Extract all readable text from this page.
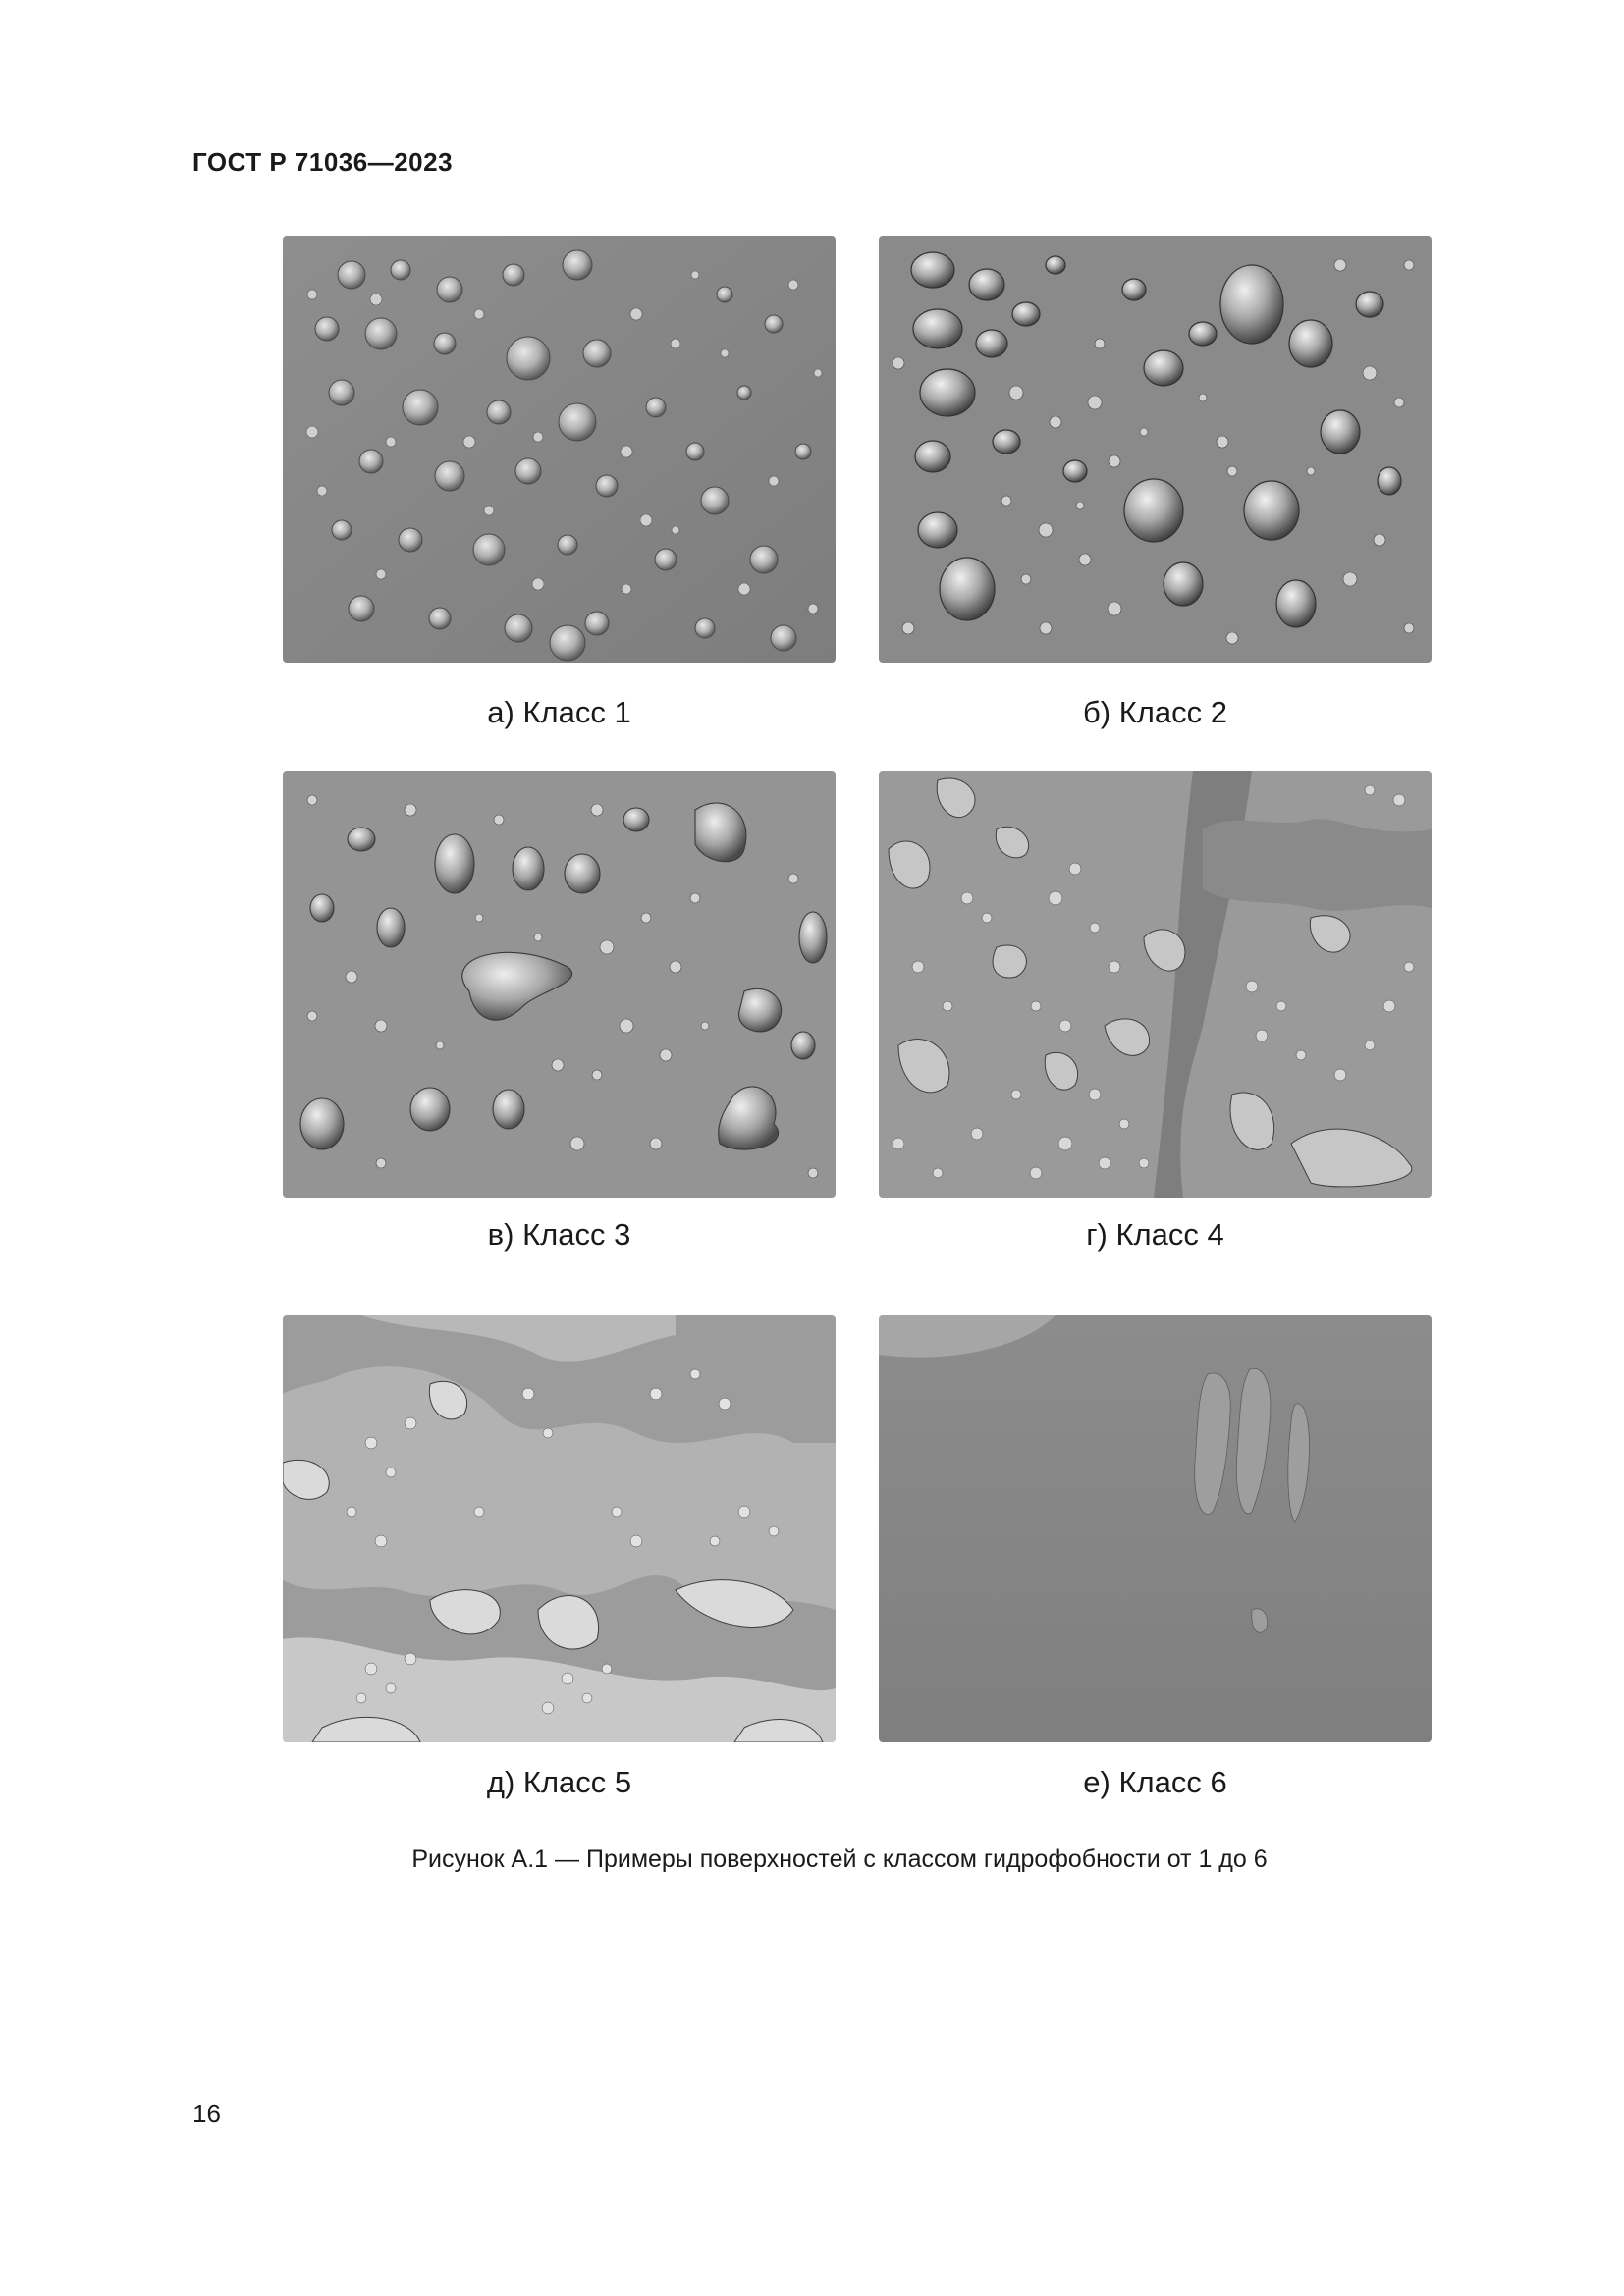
ГОСТ Р 71036—2023
а) Класс 1	б) Класс 2
в) Класс 3	г) Класс 4
д) Класс 5	е) Класс 6
Рисунок А.1 — Примеры поверхностей с классом гидрофобности от 1 до 6
16
